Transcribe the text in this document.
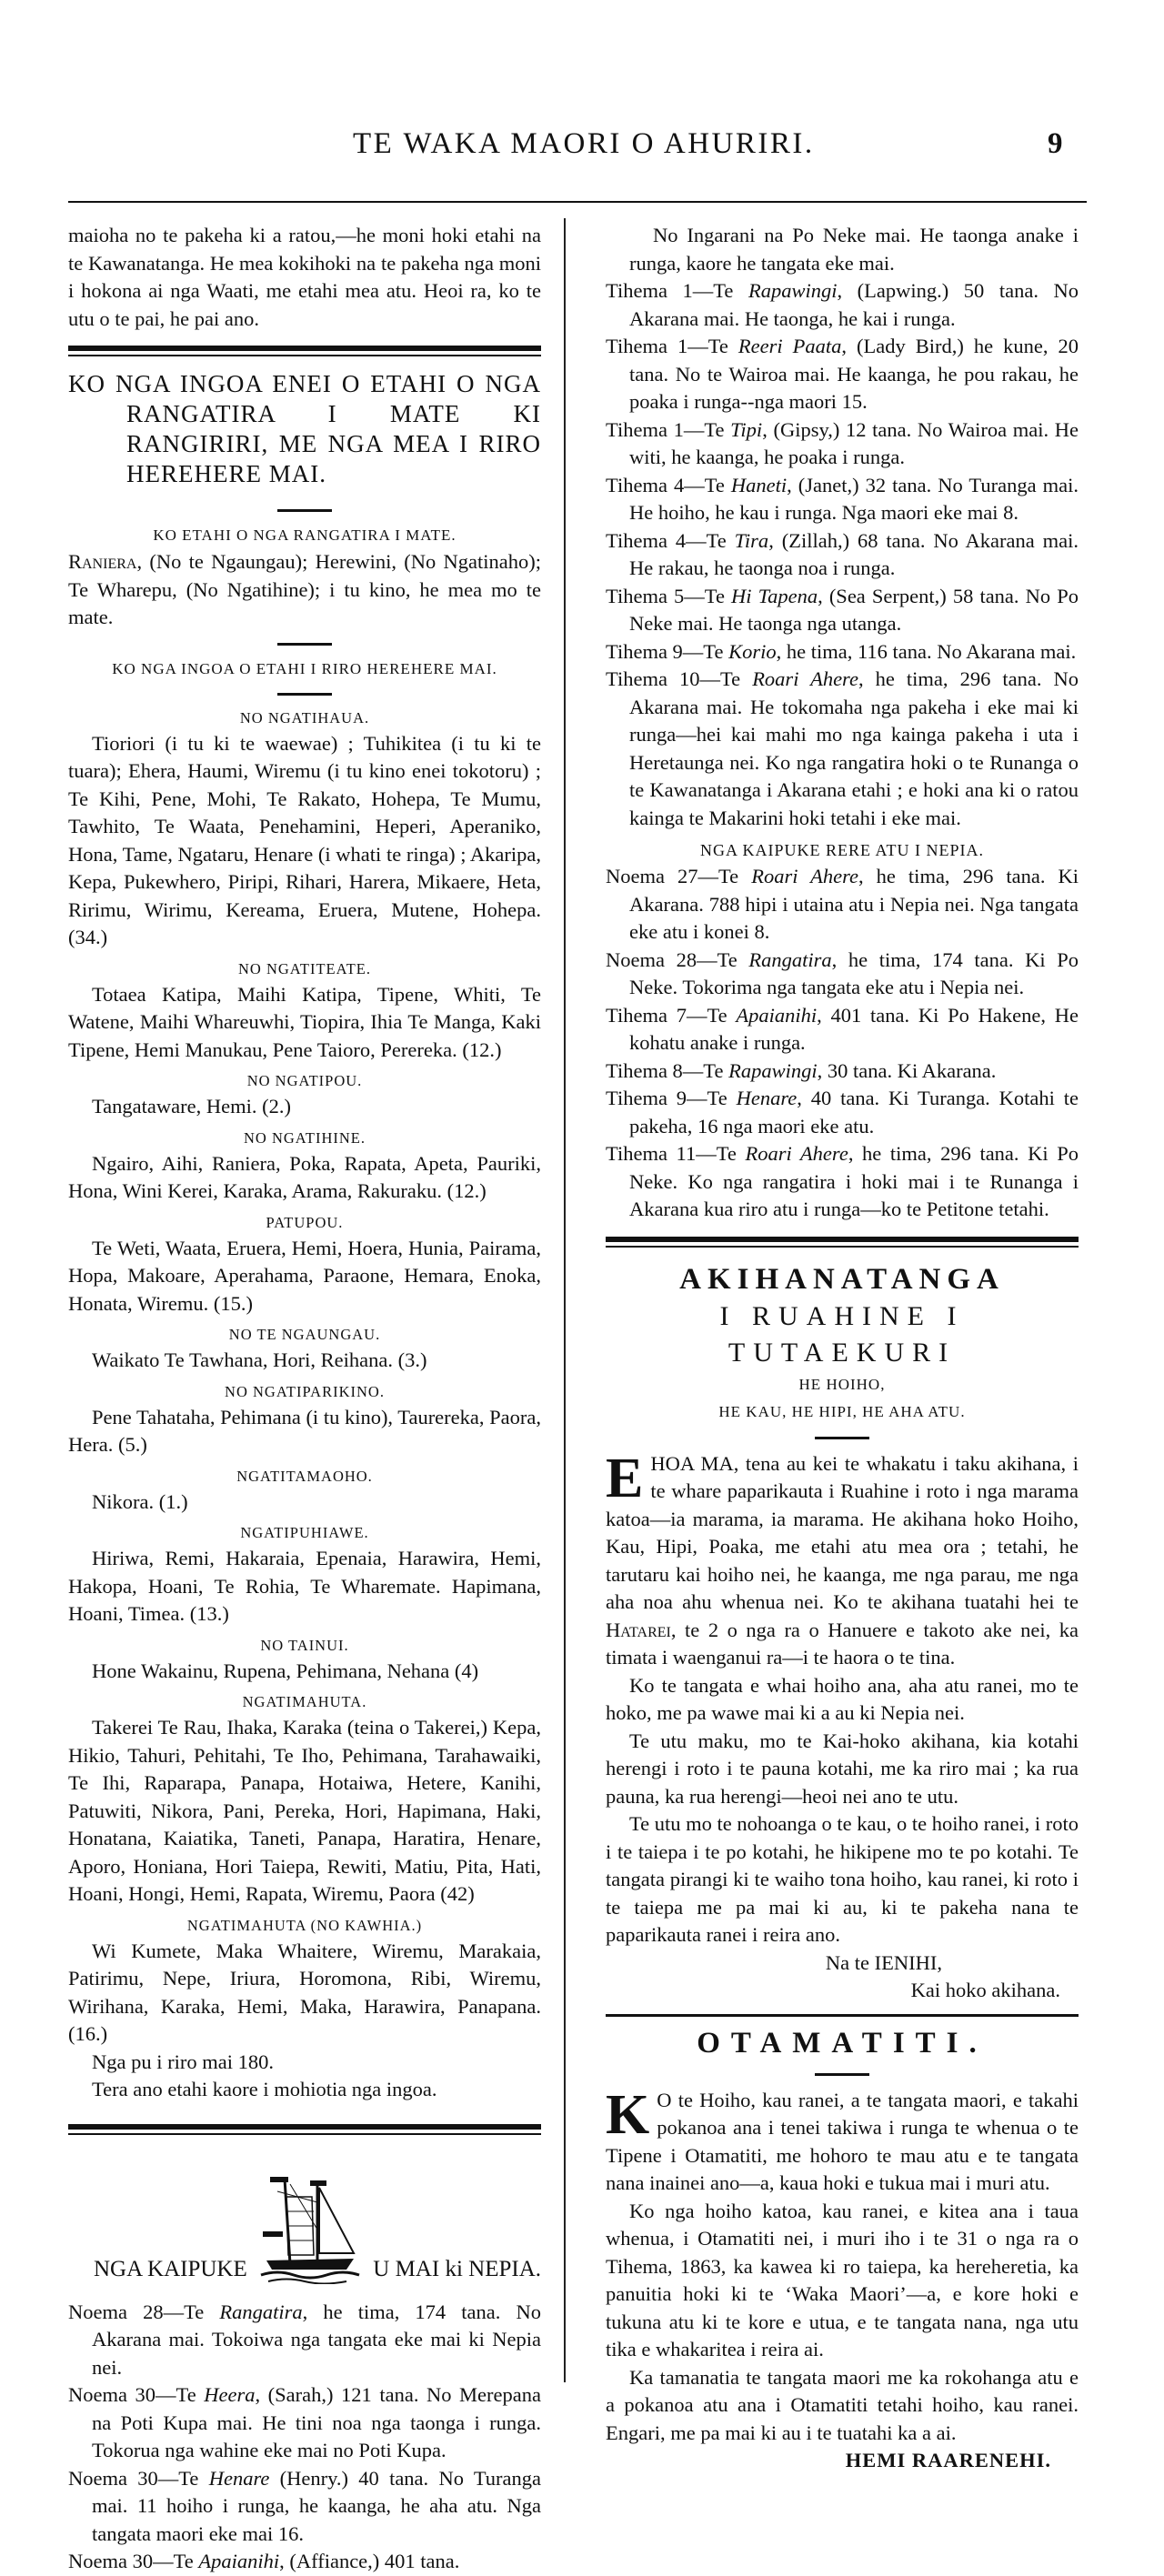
TE WAKA MAORI O AHURIRI.	9

maioha no te pakeha ki a ratou,—he moni hoki etahi na te Kawanatanga. He mea kokihoki na te pakeha nga moni i hokona ai nga Waati, me etahi mea atu. Heoi ra, ko te utu o te pai, he pai ano.

KO NGA INGOA ENEI O ETAHI O NGA RANGATIRA I MATE KI RANGIRIRI, ME NGA MEA I RIRO HEREHERE MAI.

KO ETAHI O NGA RANGATIRA I MATE.

Raniera, (No te Ngaungau); Herewini, (No Ngatinaho); Te Wharepu, (No Ngatihine); i tu kino, he mea mo te mate.

KO NGA INGOA O ETAHI I RIRO HEREHERE MAI.
NO NGATIHAUA.

Tioriori (i tu ki te waewae) ; Tuhikitea (i tu ki te tuara); Ehera, Haumi, Wiremu (i tu kino enei tokotoru) ; Te Kihi, Pene, Mohi, Te Rakato, Hohepa, Te Mumu, Tawhito, Te Waata, Penehamini, Heperi, Aperaniko, Hona, Tame, Ngataru, Henare (i whati te ringa) ; Akaripa, Kepa, Pukewhero, Piripi, Rihari, Harera, Mikaere, Heta, Ririmu, Wirimu, Kereama, Eruera, Mutene, Hohepa. (34.)

NO NGATITEATE.

Totaea Katipa, Maihi Katipa, Tipene, Whiti, Te Watene, Maihi Whareuwhi, Tiopira, Ihia Te Manga, Kaki Tipene, Hemi Manukau, Pene Taioro, Perereka. (12.)

NO NGATIPOU.

Tangataware, Hemi. (2.)

NO NGATIHINE.

Ngairo, Aihi, Raniera, Poka, Rapata, Apeta, Pauriki, Hona, Wini Kerei, Karaka, Arama, Rakuraku. (12.)

PATUPOU.

Te Weti, Waata, Eruera, Hemi, Hoera, Hunia, Pairama, Hopa, Makoare, Aperahama, Paraone, Hemara, Enoka, Honata, Wiremu. (15.)

NO TE NGAUNGAU.

Waikato Te Tawhana, Hori, Reihana. (3.)

NO NGATIPARIKINO.

Pene Tahataha, Pehimana (i tu kino), Taurereka, Paora, Hera. (5.)

NGATITAMAOHO.

Nikora. (1.)

NGATIPUHIAWE.

Hiriwa, Remi, Hakaraia, Epenaia, Harawira, Hemi, Hakopa, Hoani, Te Rohia, Te Wharemate. Hapimana, Hoani, Timea. (13.)

NO TAINUI.

Hone Wakainu, Rupena, Pehimana, Nehana (4)

NGATIMAHUTA.

Takerei Te Rau, Ihaka, Karaka (teina o Takerei,) Kepa, Hikio, Tahuri, Pehitahi, Te Iho, Pehimana, Tarahawaiki, Te Ihi, Raparapa, Panapa, Hotaiwa, Hetere, Kanihi, Patuwiti, Nikora, Pani, Pereka, Hori, Hapimana, Haki, Honatana, Kaiatika, Taneti, Panapa, Haratira, Henare, Aporo, Honiana, Hori Taiepa, Rewiti, Matiu, Pita, Hati, Hoani, Hongi, Hemi, Rapata, Wiremu, Paora (42)

NGATIMAHUTA (NO KAWHIA.)

Wi Kumete, Maka Whaitere, Wiremu, Marakaia, Patirimu, Nepe, Iriura, Horomona, Ribi, Wiremu, Wirihana, Karaka, Hemi, Maka, Harawira, Panapana. (16.)

Nga pu i riro mai 180.

Tera ano etahi kaore i mohiotia nga ingoa.

NGA KAIPUKE	U MAI ki NEPIA.

Noema 28—Te Rangatira, he tima, 174 tana. No Akarana mai. Tokoiwa nga tangata eke mai ki Nepia nei.

Noema 30—Te Heera, (Sarah,) 121 tana. No Merepana na Poti Kupa mai. He tini noa nga taonga i runga. Tokorua nga wahine eke mai no Poti Kupa.

Noema 30—Te Henare (Henry.) 40 tana. No Turanga mai. 11 hoiho i runga, he kaanga, he aha atu. Nga tangata maori eke mai 16.

Noema 30—Te Apaianihi, (Affiance,) 401 tana.

No Ingarani na Po Neke mai. He taonga anake i runga, kaore he tangata eke mai.

Tihema 1—Te Rapawingi, (Lapwing.) 50 tana. No Akarana mai. He taonga, he kai i runga.

Tihema 1—Te Reeri Paata, (Lady Bird,) he kune, 20 tana. No te Wairoa mai. He kaanga, he pou rakau, he poaka i runga--nga maori 15.

Tihema 1—Te Tipi, (Gipsy,) 12 tana. No Wairoa mai. He witi, he kaanga, he poaka i runga.

Tihema 4—Te Haneti, (Janet,) 32 tana. No Turanga mai. He hoiho, he kau i runga. Nga maori eke mai 8.

Tihema 4—Te Tira, (Zillah,) 68 tana. No Akarana mai. He rakau, he taonga noa i runga.

Tihema 5—Te Hi Tapena, (Sea Serpent,) 58 tana. No Po Neke mai. He taonga nga utanga.

Tihema 9—Te Korio, he tima, 116 tana. No Akarana mai.

Tihema 10—Te Roari Ahere, he tima, 296 tana. No Akarana mai. He tokomaha nga pakeha i eke mai ki runga—hei kai mahi mo nga kainga pakeha i uta i Heretaunga nei. Ko nga rangatira hoki o te Runanga o te Kawanatanga i Akarana etahi ; e hoki ana ki o ratou kainga te Makarini hoki tetahi i eke mai.

NGA KAIPUKE RERE ATU I NEPIA.

Noema 27—Te Roari Ahere, he tima, 296 tana. Ki Akarana. 788 hipi i utaina atu i Nepia nei. Nga tangata eke atu i konei 8.

Noema 28—Te Rangatira, he tima, 174 tana. Ki Po Neke. Tokorima nga tangata eke atu i Nepia nei.

Tihema 7—Te Apaianihi, 401 tana. Ki Po Hakene, He kohatu anake i runga.

Tihema 8—Te Rapawingi, 30 tana. Ki Akarana.

Tihema 9—Te Henare, 40 tana. Ki Turanga. Kotahi te pakeha, 16 nga maori eke atu.

Tihema 11—Te Roari Ahere, he tima, 296 tana. Ki Po Neke. Ko nga rangatira i hoki mai i te Runanga i Akarana kua riro atu i runga—ko te Petitone tetahi.

AKIHANATANGA
I RUAHINE I TUTAEKURI
HE HOIHO,
HE KAU, HE HIPI, HE AHA ATU.

EHOA MA, tena au kei te whakatu i taku akihana, i te whare paparikauta i Ruahine i roto i nga marama katoa—ia marama, ia marama. He akihana hoko Hoiho, Kau, Hipi, Poaka, me etahi atu mea ora ; tetahi, he tarutaru kai hoiho nei, he kaanga, me nga parau, me nga aha noa ahu whenua nei. Ko te akihana tuatahi hei te Hatarei, te 2 o nga ra o Hanuere e takoto ake nei, ka timata i waenganui ra—i te haora o te tina.

Ko te tangata e whai hoiho ana, aha atu ranei, mo te hoko, me pa wawe mai ki a au ki Nepia nei.

Te utu maku, mo te Kai-hoko akihana, kia kotahi herengi i roto i te pauna kotahi, me ka riro mai ; ka rua pauna, ka rua herengi—heoi nei ano te utu.

Te utu mo te nohoanga o te kau, o te hoiho ranei, i roto i te taiepa i te po kotahi, he hikipene mo te po kotahi. Te tangata pirangi ki te waiho tona hoiho, kau ranei, ki roto i te taiepa me pa mai ki au, ki te pakeha nana te paparikauta ranei i reira ano.

Na te IENIHI,

Kai hoko akihana.

OTAMATITI.

K O te Hoiho, kau ranei, a te tangata maori, e takahi pokanoa ana i tenei takiwa i runga te whenua o te Tipene i Otamatiti, me hohoro te mau atu e te tangata nana inainei ano—a, kaua hoki e tukua mai i muri atu.

Ko nga hoiho katoa, kau ranei, e kitea ana i taua whenua, i Otamatiti nei, i muri iho i te 31 o nga ra o Tihema, 1863, ka kawea ki ro taiepa, ka hereheretia, ka panuitia hoki ki te ‘Waka Maori’—a, e kore hoki e tukuna atu ki te kore e utua, e te tangata nana, nga utu tika e whakaritea i reira ai.

Ka tamanatia te tangata maori me ka rokohanga atu e a pokanoa atu ana i Otamatiti tetahi hoiho, kau ranei. Engari, me pa mai ki au i te tuatahi ka a ai.

HEMI RAARENEHI.
